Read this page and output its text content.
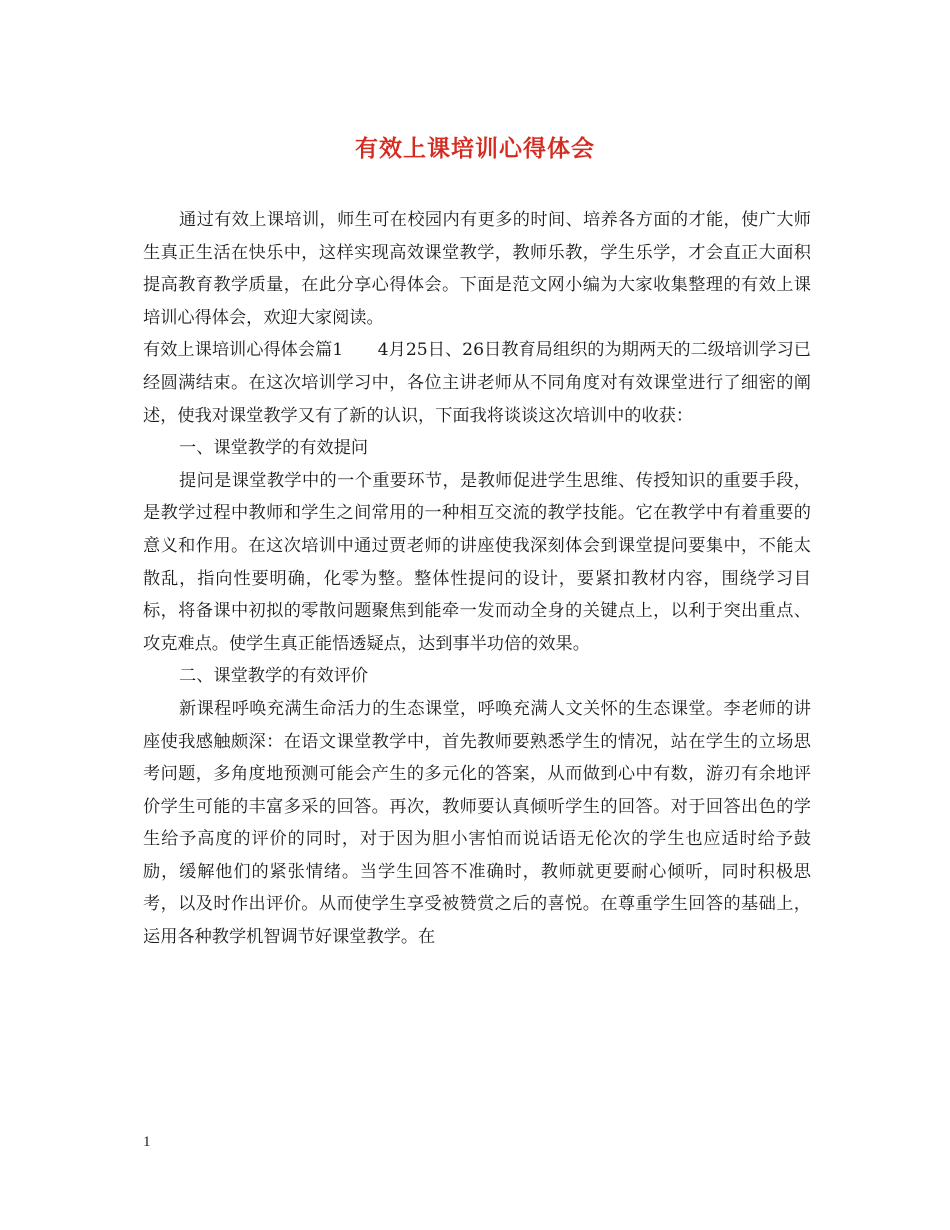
有效上课培训心得体会

通过有效上课培训，师生可在校园内有更多的时间、培养各方面的才能，使广大师生真正生活在快乐中，这样实现高效课堂教学，教师乐教，学生乐学，才会直正大面积提高教育教学质量，在此分享心得体会。下面是范文网小编为大家收集整理的有效上课培训心得体会，欢迎大家阅读。

有效上课培训心得体会篇1　　4月25日、26日教育局组织的为期两天的二级培训学习已经圆满结束。在这次培训学习中，各位主讲老师从不同角度对有效课堂进行了细密的阐述，使我对课堂教学又有了新的认识，下面我将谈谈这次培训中的收获：

一、课堂教学的有效提问

提问是课堂教学中的一个重要环节，是教师促进学生思维、传授知识的重要手段，是教学过程中教师和学生之间常用的一种相互交流的教学技能。它在教学中有着重要的意义和作用。在这次培训中通过贾老师的讲座使我深刻体会到课堂提问要集中，不能太散乱，指向性要明确，化零为整。整体性提问的设计，要紧扣教材内容，围绕学习目标，将备课中初拟的零散问题聚焦到能牵一发而动全身的关键点上，以利于突出重点、攻克难点。使学生真正能悟透疑点，达到事半功倍的效果。

二、课堂教学的有效评价

新课程呼唤充满生命活力的生态课堂，呼唤充满人文关怀的生态课堂。李老师的讲座使我感触颇深：在语文课堂教学中，首先教师要熟悉学生的情况，站在学生的立场思考问题，多角度地预测可能会产生的多元化的答案，从而做到心中有数，游刃有余地评价学生可能的丰富多采的回答。再次，教师要认真倾听学生的回答。对于回答出色的学生给予高度的评价的同时，对于因为胆小害怕而说话语无伦次的学生也应适时给予鼓励，缓解他们的紧张情绪。当学生回答不准确时，教师就更要耐心倾听，同时积极思考，以及时作出评价。从而使学生享受被赞赏之后的喜悦。在尊重学生回答的基础上，运用各种教学机智调节好课堂教学。在

1
